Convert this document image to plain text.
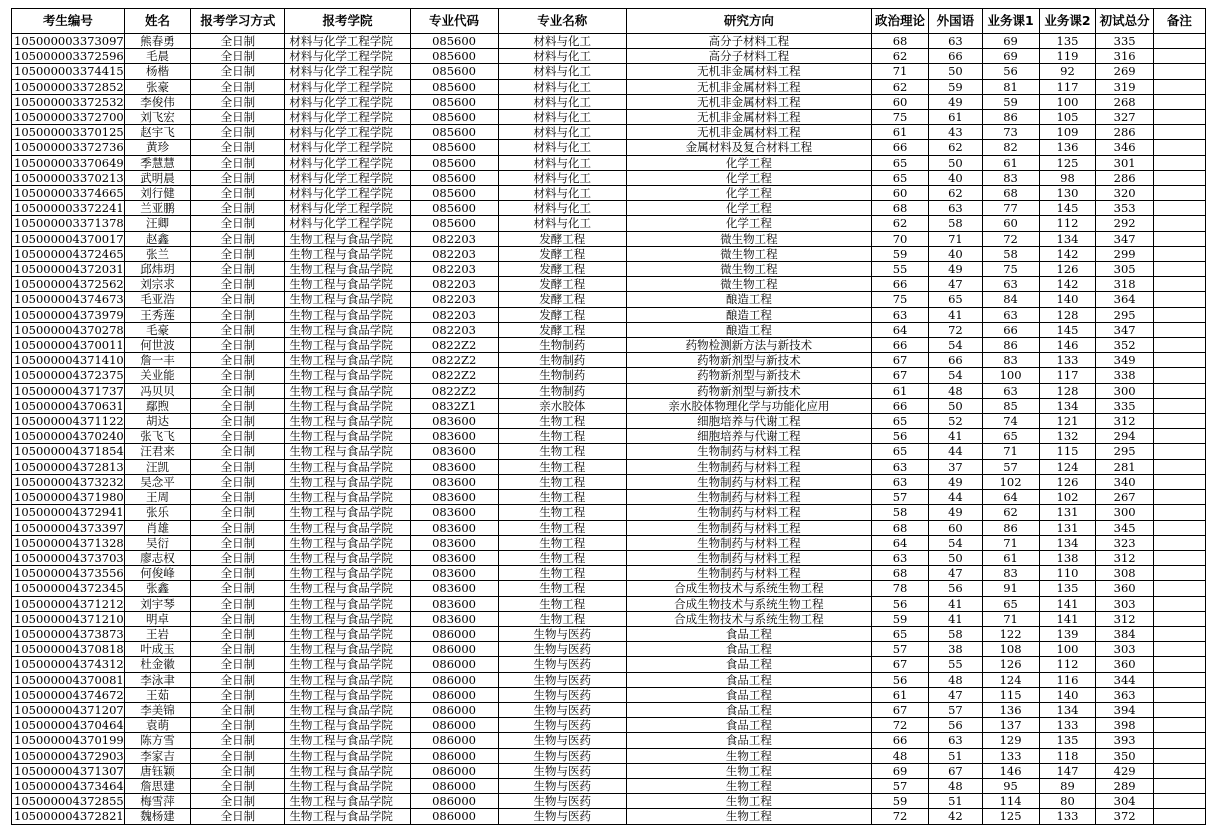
考生编号	姓名	报考学习方式	报考学院	专业代码	专业名称	研究方向	政治理论	外国语	业务课1	业务课2	初试总分	备注
105000003373097	熊春勇	全日制	材料与化学工程学院	085600	材料与化工	高分子材料工程	68	63	69	135	335	
105000003372596	毛晨	全日制	材料与化学工程学院	085600	材料与化工	高分子材料工程	62	66	69	119	316	
105000003374415	杨楷	全日制	材料与化学工程学院	085600	材料与化工	无机非金属材料工程	71	50	56	92	269	
105000003372852	张豪	全日制	材料与化学工程学院	085600	材料与化工	无机非金属材料工程	62	59	81	117	319	
105000003372532	李俊伟	全日制	材料与化学工程学院	085600	材料与化工	无机非金属材料工程	60	49	59	100	268	
105000003372700	刘飞宏	全日制	材料与化学工程学院	085600	材料与化工	无机非金属材料工程	75	61	86	105	327	
105000003370125	赵宇飞	全日制	材料与化学工程学院	085600	材料与化工	无机非金属材料工程	61	43	73	109	286	
105000003372736	黄珍	全日制	材料与化学工程学院	085600	材料与化工	金属材料及复合材料工程	66	62	82	136	346	
105000003370649	季慧慧	全日制	材料与化学工程学院	085600	材料与化工	化学工程	65	50	61	125	301	
105000003370213	武明晨	全日制	材料与化学工程学院	085600	材料与化工	化学工程	65	40	83	98	286	
105000003374665	刘行健	全日制	材料与化学工程学院	085600	材料与化工	化学工程	60	62	68	130	320	
105000003372241	兰亚鹏	全日制	材料与化学工程学院	085600	材料与化工	化学工程	68	63	77	145	353	
105000003371378	汪卿	全日制	材料与化学工程学院	085600	材料与化工	化学工程	62	58	60	112	292	
105000004370017	赵鑫	全日制	生物工程与食品学院	082203	发酵工程	微生物工程	70	71	72	134	347	
105000004372465	张兰	全日制	生物工程与食品学院	082203	发酵工程	微生物工程	59	40	58	142	299	
105000004372031	邱炜玥	全日制	生物工程与食品学院	082203	发酵工程	微生物工程	55	49	75	126	305	
105000004372562	刘宗求	全日制	生物工程与食品学院	082203	发酵工程	微生物工程	66	47	63	142	318	
105000004374673	毛亚浩	全日制	生物工程与食品学院	082203	发酵工程	酿造工程	75	65	84	140	364	
105000004373979	王秀莲	全日制	生物工程与食品学院	082203	发酵工程	酿造工程	63	41	63	128	295	
105000004370278	毛豪	全日制	生物工程与食品学院	082203	发酵工程	酿造工程	64	72	66	145	347	
105000004370011	何世波	全日制	生物工程与食品学院	0822Z2	生物制药	药物检测新方法与新技术	66	54	86	146	352	
105000004371410	詹一丰	全日制	生物工程与食品学院	0822Z2	生物制药	药物新剂型与新技术	67	66	83	133	349	
105000004372375	关业能	全日制	生物工程与食品学院	0822Z2	生物制药	药物新剂型与新技术	67	54	100	117	338	
105000004371737	冯贝贝	全日制	生物工程与食品学院	0822Z2	生物制药	药物新剂型与新技术	61	48	63	128	300	
105000004370631	鄢煦	全日制	生物工程与食品学院	0832Z1	亲水胶体	亲水胶体物理化学与功能化应用	66	50	85	134	335	
105000004371122	胡达	全日制	生物工程与食品学院	083600	生物工程	细胞培养与代谢工程	65	52	74	121	312	
105000004370240	张飞飞	全日制	生物工程与食品学院	083600	生物工程	细胞培养与代谢工程	56	41	65	132	294	
105000004371854	汪君来	全日制	生物工程与食品学院	083600	生物工程	生物制药与材料工程	65	44	71	115	295	
105000004372813	汪凯	全日制	生物工程与食品学院	083600	生物工程	生物制药与材料工程	63	37	57	124	281	
105000004373232	吴念平	全日制	生物工程与食品学院	083600	生物工程	生物制药与材料工程	63	49	102	126	340	
105000004371980	王周	全日制	生物工程与食品学院	083600	生物工程	生物制药与材料工程	57	44	64	102	267	
105000004372941	张乐	全日制	生物工程与食品学院	083600	生物工程	生物制药与材料工程	58	49	62	131	300	
105000004373397	肖雄	全日制	生物工程与食品学院	083600	生物工程	生物制药与材料工程	68	60	86	131	345	
105000004371328	吴衍	全日制	生物工程与食品学院	083600	生物工程	生物制药与材料工程	64	54	71	134	323	
105000004373703	廖志权	全日制	生物工程与食品学院	083600	生物工程	生物制药与材料工程	63	50	61	138	312	
105000004373556	何俊峰	全日制	生物工程与食品学院	083600	生物工程	生物制药与材料工程	68	47	83	110	308	
105000004372345	张鑫	全日制	生物工程与食品学院	083600	生物工程	合成生物技术与系统生物工程	78	56	91	135	360	
105000004371212	刘宇琴	全日制	生物工程与食品学院	083600	生物工程	合成生物技术与系统生物工程	56	41	65	141	303	
105000004371210	明卓	全日制	生物工程与食品学院	083600	生物工程	合成生物技术与系统生物工程	59	41	71	141	312	
105000004373873	王岩	全日制	生物工程与食品学院	086000	生物与医药	食品工程	65	58	122	139	384	
105000004370818	叶成玉	全日制	生物工程与食品学院	086000	生物与医药	食品工程	57	38	108	100	303	
105000004374312	杜金徽	全日制	生物工程与食品学院	086000	生物与医药	食品工程	67	55	126	112	360	
105000004370081	李泳聿	全日制	生物工程与食品学院	086000	生物与医药	食品工程	56	48	124	116	344	
105000004374672	王茹	全日制	生物工程与食品学院	086000	生物与医药	食品工程	61	47	115	140	363	
105000004371207	李美锦	全日制	生物工程与食品学院	086000	生物与医药	食品工程	67	57	136	134	394	
105000004370464	袁萌	全日制	生物工程与食品学院	086000	生物与医药	食品工程	72	56	137	133	398	
105000004370199	陈方雪	全日制	生物工程与食品学院	086000	生物与医药	食品工程	66	63	129	135	393	
105000004372903	李家吉	全日制	生物工程与食品学院	086000	生物与医药	生物工程	48	51	133	118	350	
105000004371307	唐钰颖	全日制	生物工程与食品学院	086000	生物与医药	生物工程	69	67	146	147	429	
105000004373464	詹思建	全日制	生物工程与食品学院	086000	生物与医药	生物工程	57	48	95	89	289	
105000004372855	梅雪萍	全日制	生物工程与食品学院	086000	生物与医药	生物工程	59	51	114	80	304	
105000004372821	魏杨建	全日制	生物工程与食品学院	086000	生物与医药	生物工程	72	42	125	133	372	
